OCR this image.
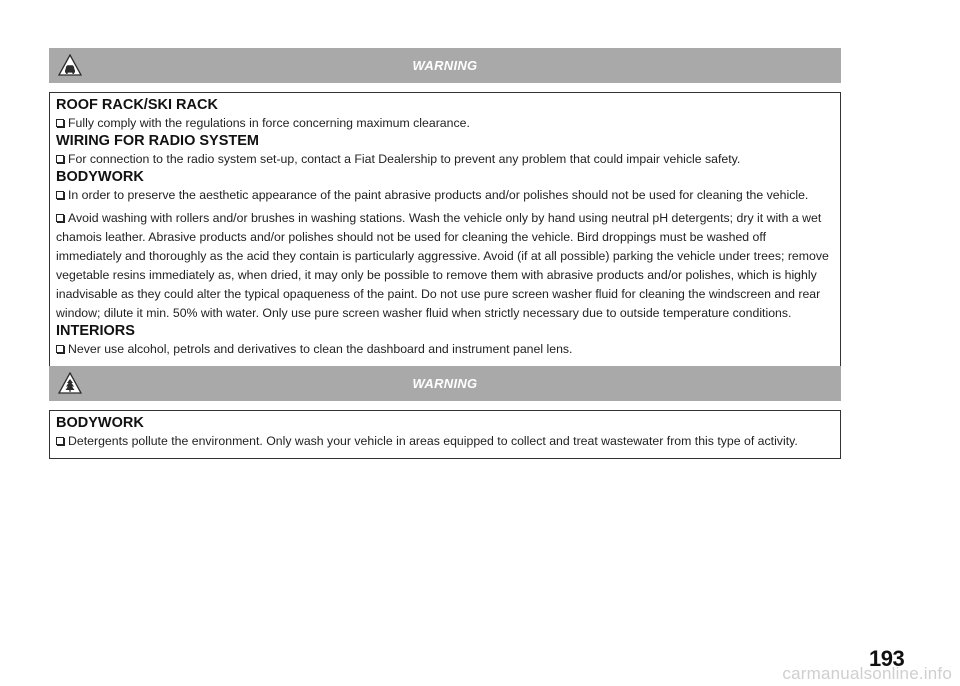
WARNING

ROOF RACK/SKI RACK

Fully comply with the regulations in force concerning maximum clearance.

WIRING FOR RADIO SYSTEM

For connection to the radio system set-up, contact a Fiat Dealership to prevent any problem that could impair vehicle safety.

BODYWORK

In order to preserve the aesthetic appearance of the paint abrasive products and/or polishes should not be used for cleaning the vehicle.

Avoid washing with rollers and/or brushes in washing stations. Wash the vehicle only by hand using neutral pH detergents; dry it with a wet chamois leather. Abrasive products and/or polishes should not be used for cleaning the vehicle. Bird droppings must be washed off immediately and thoroughly as the acid they contain is particularly aggressive. Avoid (if at all possible) parking the vehicle under trees; remove vegetable resins immediately as, when dried, it may only be possible to remove them with abrasive products and/or polishes, which is highly inadvisable as they could alter the typical opaqueness of the paint. Do not use pure screen washer fluid for cleaning the windscreen and rear window; dilute it min. 50% with water. Only use pure screen washer fluid when strictly necessary due to outside temperature conditions.

INTERIORS

Never use alcohol, petrols and derivatives to clean the dashboard and instrument panel lens.

WARNING

BODYWORK

Detergents pollute the environment. Only wash your vehicle in areas equipped to collect and treat wastewater from this type of activity.

193
carmanualsonline.info
